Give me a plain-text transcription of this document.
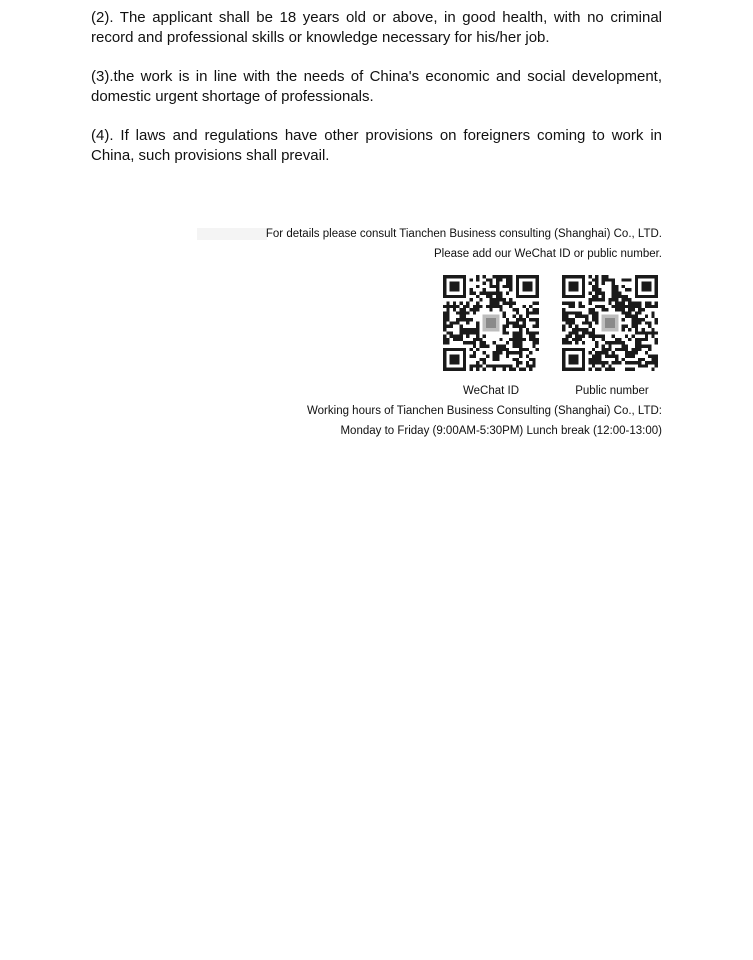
(2). The applicant shall be 18 years old or above, in good health, with no criminal record and professional skills or knowledge necessary for his/her job.

(3).the work is in line with the needs of China's economic and social development, domestic urgent shortage of professionals.

(4). If laws and regulations have other provisions on foreigners coming to work in China, such provisions shall prevail.

For details please consult Tianchen Business consulting (Shanghai) Co., LTD.
Please add our WeChat ID or public number.
WeChat ID	Public number
Working hours of Tianchen Business Consulting (Shanghai) Co., LTD:
Monday to Friday (9:00AM-5:30PM) Lunch break (12:00-13:00)
